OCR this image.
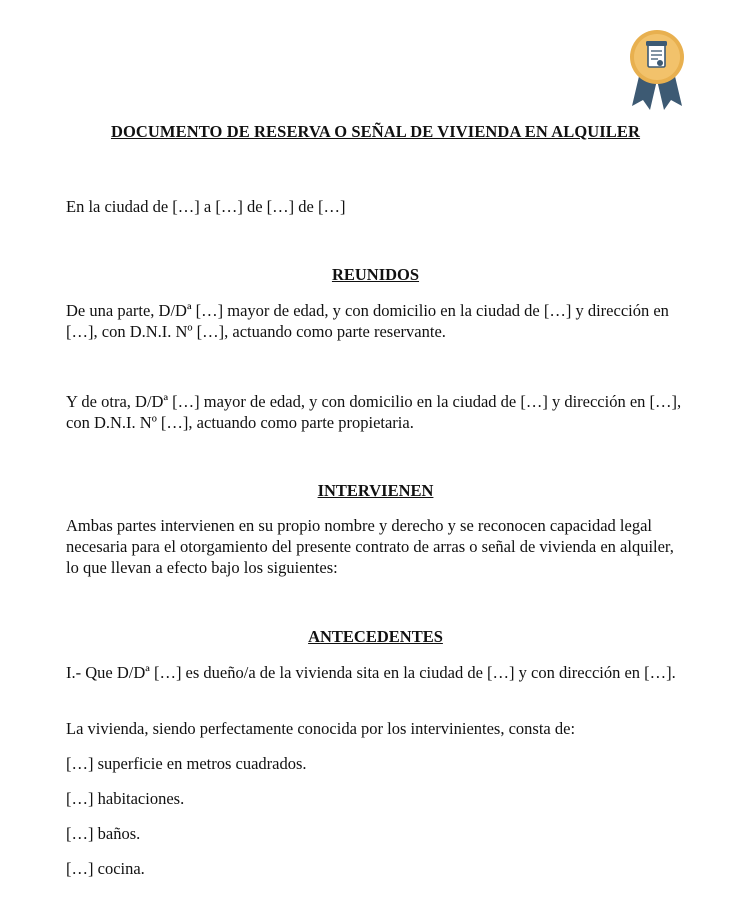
DOCUMENTO DE RESERVA O SEÑAL DE VIVIENDA EN ALQUILER

En la ciudad de […] a […] de […] de […]

REUNIDOS

De una parte, D/Dª […] mayor de edad, y con domicilio en la ciudad de […] y dirección en […], con D.N.I. Nº […], actuando como parte reservante.

Y de otra, D/Dª […] mayor de edad, y con domicilio en la ciudad de […] y dirección en […], con D.N.I. Nº […], actuando como parte propietaria.

INTERVIENEN

Ambas partes intervienen en su propio nombre y derecho y se reconocen capacidad legal necesaria para el otorgamiento del presente contrato de arras o señal de vivienda en alquiler, lo que llevan a efecto bajo los siguientes:

ANTECEDENTES

I.- Que D/Dª […] es dueño/a de la vivienda sita en la ciudad de […] y con dirección en […].

La vivienda, siendo perfectamente conocida por los intervinientes, consta de:

[…] superficie en metros cuadrados.

[…] habitaciones.

[…] baños.

[…] cocina.
